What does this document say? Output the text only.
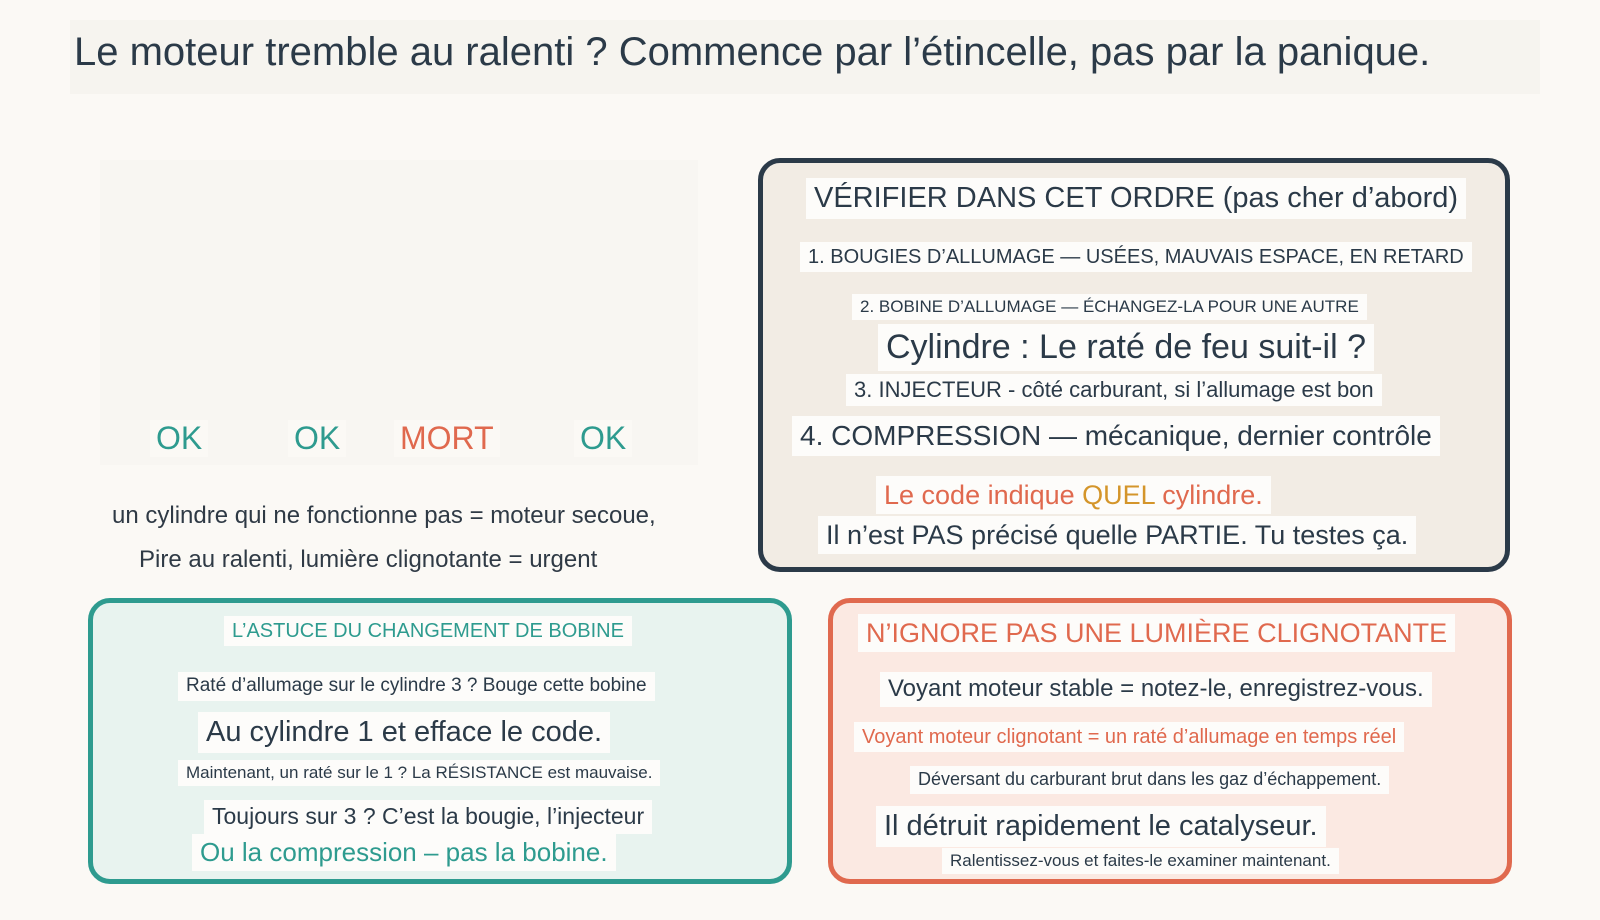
Le moteur tremble au ralenti ? Commence par l’étincelle, pas par la panique.
OK	OK MORT	OK
un cylindre qui ne fonctionne pas = moteur secoue,
Pire au ralenti, lumière clignotante = urgent
VÉRIFIER DANS CET ORDRE (pas cher d’abord)
1. BOUGIES D’ALLUMAGE — USÉES, MAUVAIS ESPACE, EN RETARD
2. BOBINE D’ALLUMAGE — ÉCHANGEZ-LA POUR UNE AUTRE
Cylindre : Le raté de feu suit-il ?
3. INJECTEUR - côté carburant, si l’allumage est bon
4. COMPRESSION — mécanique, dernier contrôle
Le code indique QUEL cylindre.
Il n’est PAS précisé quelle PARTIE. Tu testes ça.
L’ASTUCE DU CHANGEMENT DE BOBINE
Raté d’allumage sur le cylindre 3 ? Bouge cette bobine
Au cylindre 1 et efface le code.
Maintenant, un raté sur le 1 ? La RÉSISTANCE est mauvaise.
Toujours sur 3 ? C’est la bougie, l’injecteur
Ou la compression – pas la bobine.
N’IGNORE PAS UNE LUMIÈRE CLIGNOTANTE
Voyant moteur stable = notez-le, enregistrez-vous.
Voyant moteur clignotant = un raté d’allumage en temps réel
Déversant du carburant brut dans les gaz d’échappement.
Il détruit rapidement le catalyseur.
Ralentissez-vous et faites-le examiner maintenant.
